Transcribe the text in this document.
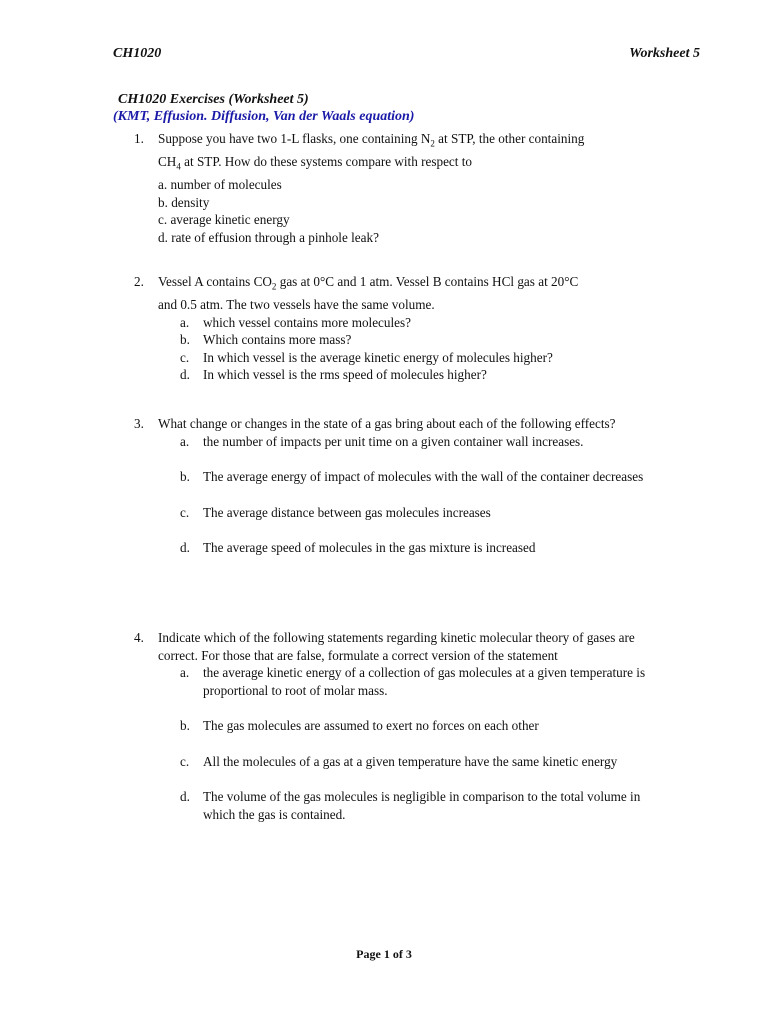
CH1020	Worksheet 5
CH1020 Exercises (Worksheet 5)
(KMT, Effusion. Diffusion, Van der Waals equation)
1. Suppose you have two 1-L flasks, one containing $N_2$ at STP, the other containing
$CH_4$ at STP. How do these systems compare with respect to
a. number of molecules
b. density
c. average kinetic energy
d. rate of effusion through a pinhole leak?
2. Vessel A contains $CO_2$ gas at 0°C and 1 atm. Vessel B contains HCl gas at 20°C
and 0.5 atm. The two vessels have the same volume.
a. which vessel contains more molecules?
b. Which contains more mass?
c. In which vessel is the average kinetic energy of molecules higher?
d. In which vessel is the rms speed of molecules higher?
3. What change or changes in the state of a gas bring about each of the following effects?
a. the number of impacts per unit time on a given container wall increases.
b. The average energy of impact of molecules with the wall of the container decreases
c. The average distance between gas molecules increases
d. The average speed of molecules in the gas mixture is increased
4. Indicate which of the following statements regarding kinetic molecular theory of gases are correct. For those that are false, formulate a correct version of the statement
a. the average kinetic energy of a collection of gas molecules at a given temperature is proportional to root of molar mass.
b. The gas molecules are assumed to exert no forces on each other
c. All the molecules of a gas at a given temperature have the same kinetic energy
d. The volume of the gas molecules is negligible in comparison to the total volume in which the gas is contained.
Page 1 of 3
